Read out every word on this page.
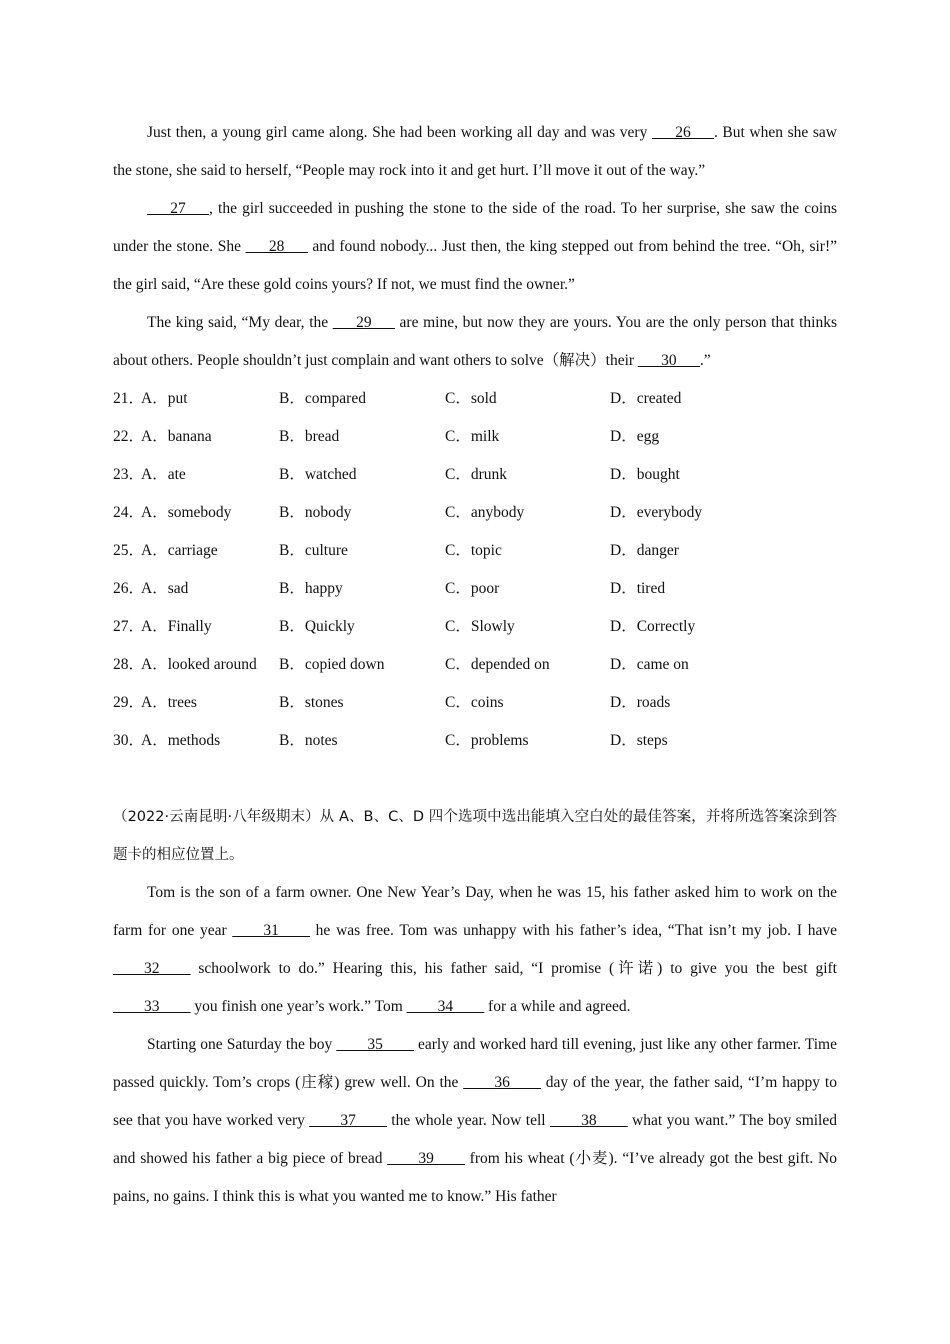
Just then, a young girl came along. She had been working all day and was very ___26___. But when she saw the stone, she said to herself, “People may rock into it and get hurt. I’ll move it out of the way.”

___27___, the girl succeeded in pushing the stone to the side of the road. To her surprise, she saw the coins under the stone. She ___28___ and found nobody... Just then, the king stepped out from behind the tree. “Oh, sir!” the girl said, “Are these gold coins yours? If not, we must find the owner.”

The king said, “My dear, the ___29___ are mine, but now they are yours. You are the only person that thinks about others. People shouldn’t just complain and want others to solve（解决）their ___30___.”

21．
A．put	B．compared	C．sold	D．created
22．
A．banana	B．bread	C．milk	D．egg
23．
A．ate	B．watched	C．drunk	D．bought
24．
A．somebody	B．nobody	C．anybody	D．everybody
25．
A．carriage	B．culture	C．topic	D．danger
26．
A．sad	B．happy	C．poor	D．tired
27．
A．Finally	B．Quickly	C．Slowly	D．Correctly
28．
A．looked around B．copied down	C．depended on	D．came on
29．
A．trees	B．stones	C．coins	D．roads
30．
A．methods	B．notes	C．problems	D．steps

（2022·云南昆明·八年级期末）从 A、B、C、D 四个选项中选出能填入空白处的最佳答案，并将所选答案涂到答题卡的相应位置上。

Tom is the son of a farm owner. One New Year’s Day, when he was 15, his father asked him to work on the farm for one year ____31____ he was free. Tom was unhappy with his father’s idea, “That isn’t my job. I have ____32____ schoolwork to do.” Hearing this, his father said, “I promise (许诺) to give you the best gift ____33____ you finish one year’s work.” Tom ____34____ for a while and agreed.

Starting one Saturday the boy ____35____ early and worked hard till evening, just like any other farmer. Time passed quickly. Tom’s crops (庄稼) grew well. On the ____36____ day of the year, the father said, “I’m happy to see that you have worked very ____37____ the whole year. Now tell ____38____ what you want.” The boy smiled and showed his father a big piece of bread ____39____ from his wheat (小麦). “I’ve already got the best gift. No pains, no gains. I think this is what you wanted me to know.” His father
